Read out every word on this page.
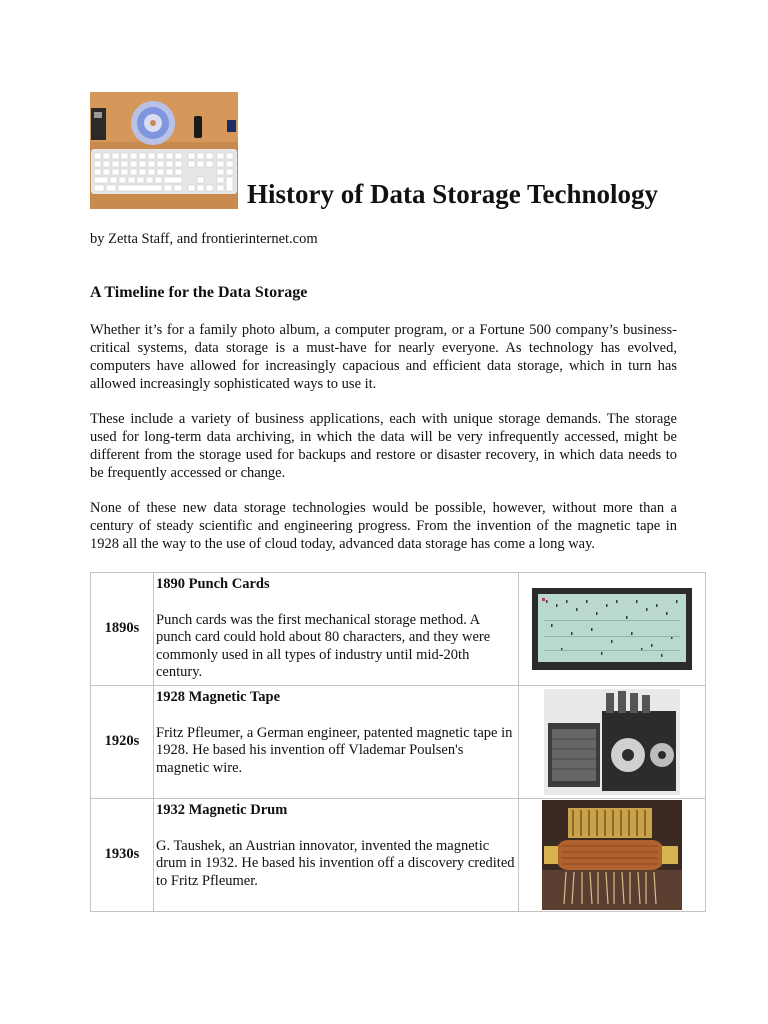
History of Data Storage Technology

by Zetta Staff, and frontierinternet.com

A Timeline for the Data Storage

Whether it’s for a family photo album, a computer program, or a Fortune 500 company’s business-critical systems, data storage is a must-have for nearly everyone. As technology has evolved, computers have allowed for increasingly capacious and efficient data storage, which in turn has allowed increasingly sophisticated ways to use it.

These include a variety of business applications, each with unique storage demands. The storage used for long-term data archiving, in which the data will be very infrequently accessed, might be different from the storage used for backups and restore or disaster recovery, in which data needs to be frequently accessed or change.

None of these new data storage technologies would be possible, however, without more than a century of steady scientific and engineering progress. From the invention of the magnetic tape in 1928 all the way to the use of cloud today, advanced data storage has come a long way.

1890s	1890 Punch Cards

Punch cards was the first mechanical storage method. A punch card could hold about 80 characters, and they were commonly used in all types of industry until mid-20th century.

1920s	1928 Magnetic Tape

Fritz Pfleumer, a German engineer, patented magnetic tape in 1928. He based his invention off Vlademar Poulsen's magnetic wire.

1930s	1932 Magnetic Drum

G. Taushek, an Austrian innovator, invented the magnetic drum in 1932. He based his invention off a discovery credited to Fritz Pfleumer.
